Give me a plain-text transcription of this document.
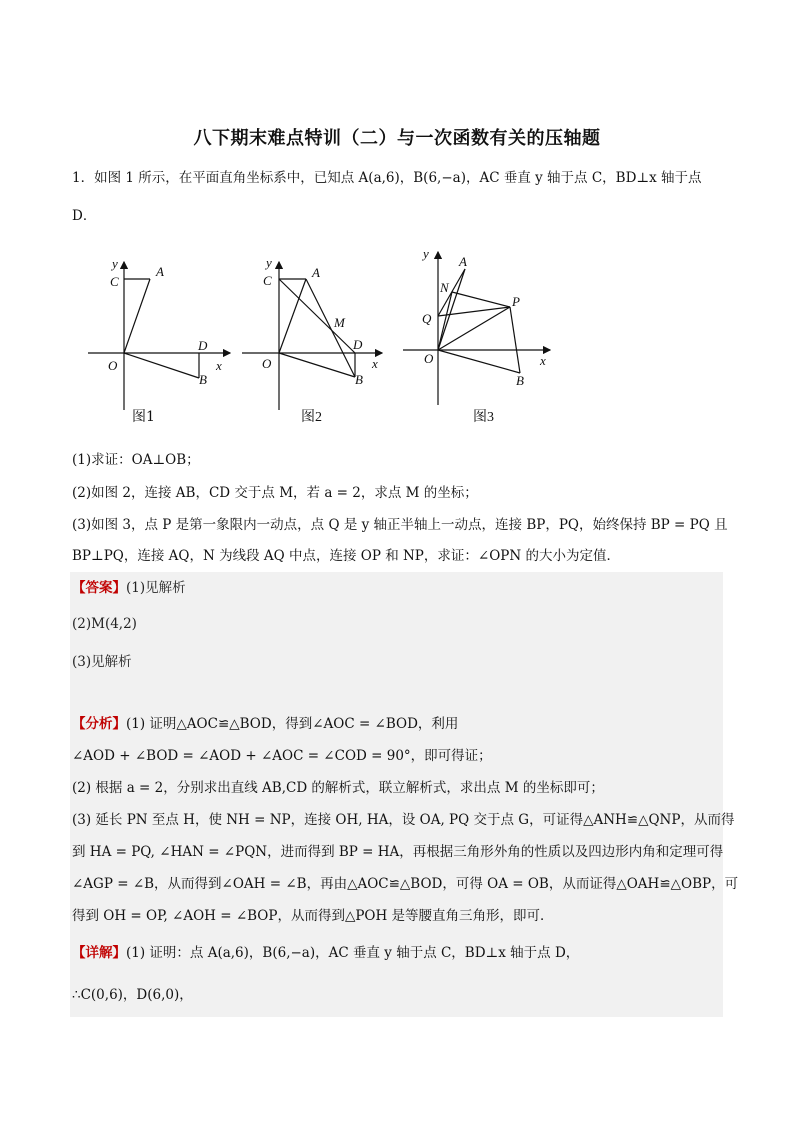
八下期末难点特训（二）与一次函数有关的压轴题
1．如图 1 所示，在平面直角坐标系中，已知点 A(a,6)，B(6,−a)，AC 垂直 y 轴于点 C，BD⊥x 轴于点
D．
y
C
A
O
D
x
B
图1
y
C
A
M
O
D
x
B
图2
y
A
N
P
Q
O	x
B
图3
(1)求证：OA⊥OB；
(2)如图 2，连接 AB，CD 交于点 M，若 a = 2，求点 M 的坐标；
(3)如图 3，点 P 是第一象限内一动点，点 Q 是 y 轴正半轴上一动点，连接 BP，PQ，始终保持 BP = PQ 且
BP⊥PQ，连接 AQ，N 为线段 AQ 中点，连接 OP 和 NP，求证：∠OPN 的大小为定值．
【答案】(1)见解析
(2)M(4,2)
(3)见解析
【分析】(1) 证明△AOC≌△BOD，得到∠AOC = ∠BOD，利用
∠AOD + ∠BOD = ∠AOD + ∠AOC = ∠COD = 90°，即可得证；
(2) 根据 a = 2，分别求出直线 AB,CD 的解析式，联立解析式，求出点 M 的坐标即可；
(3) 延长 PN 至点 H，使 NH = NP，连接 OH, HA，设 OA, PQ 交于点 G，可证得△ANH≌△QNP，从而得
到 HA = PQ, ∠HAN = ∠PQN，进而得到 BP = HA，再根据三角形外角的性质以及四边形内角和定理可得
∠AGP = ∠B，从而得到∠OAH = ∠B，再由△AOC≌△BOD，可得 OA = OB，从而证得△OAH≌△OBP，可
得到 OH = OP, ∠AOH = ∠BOP，从而得到△POH 是等腰直角三角形，即可．
【详解】(1) 证明：点 A(a,6)，B(6,−a)，AC 垂直 y 轴于点 C，BD⊥x 轴于点 D，
∴C(0,6)，D(6,0)，
